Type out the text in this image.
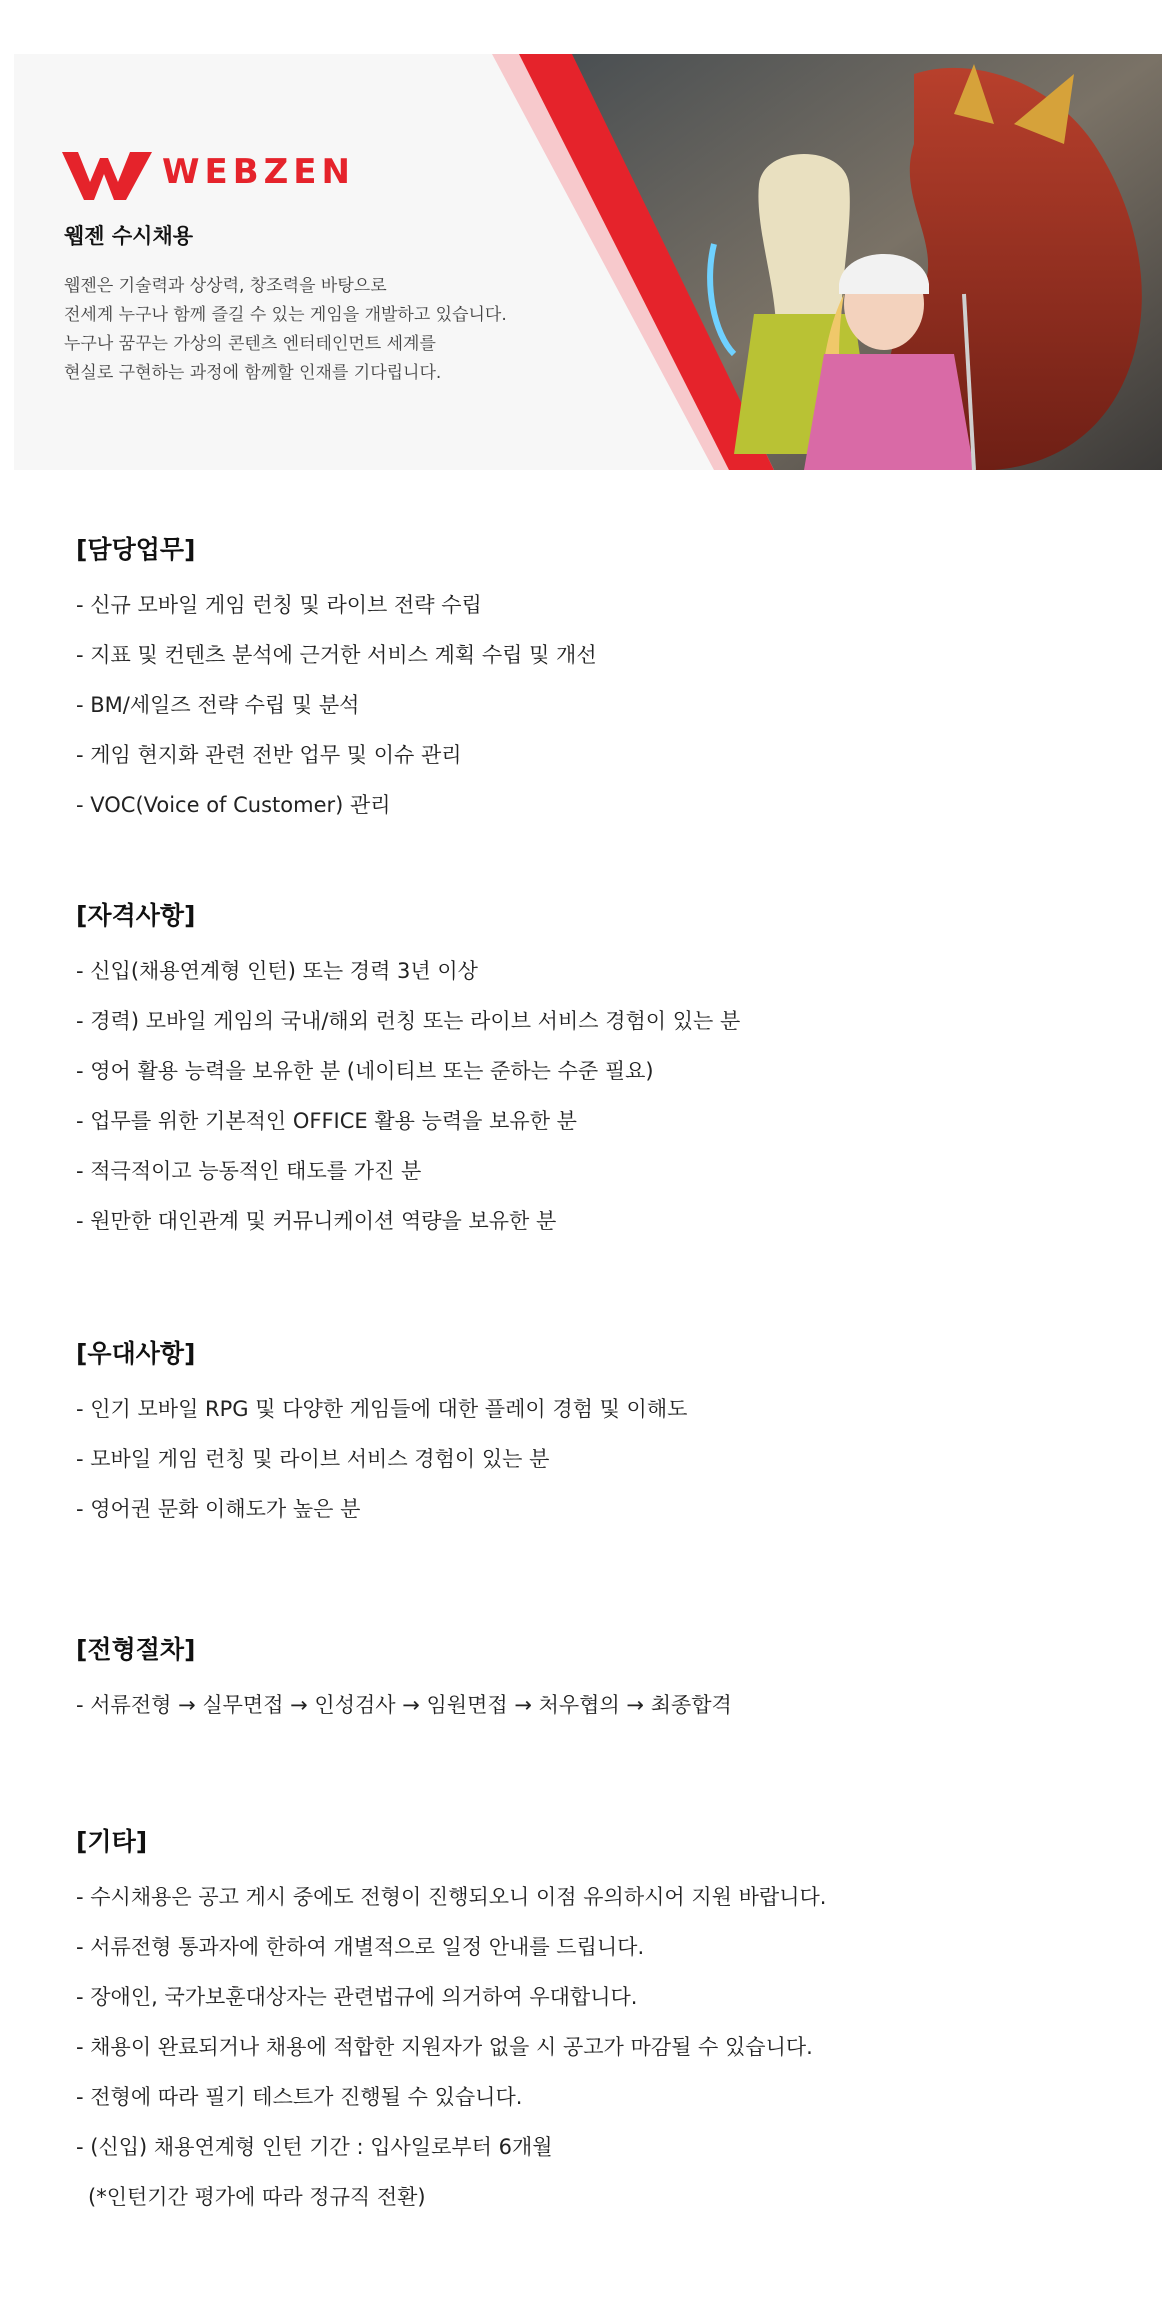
WEBZEN
웹젠 수시채용
웹젠은 기술력과 상상력, 창조력을 바탕으로
전세계 누구나 함께 즐길 수 있는 게임을 개발하고 있습니다.
누구나 꿈꾸는 가상의 콘텐츠 엔터테인먼트 세계를
현실로 구현하는 과정에 함께할 인재를 기다립니다.
[담당업무]
- 신규 모바일 게임 런칭 및 라이브 전략 수립
- 지표 및 컨텐츠 분석에 근거한 서비스 계획 수립 및 개선
- BM/세일즈 전략 수립 및 분석
- 게임 현지화 관련 전반 업무 및 이슈 관리
- VOC(Voice of Customer) 관리
[자격사항]
- 신입(채용연계형 인턴) 또는 경력 3년 이상
- 경력) 모바일 게임의 국내/해외 런칭 또는 라이브 서비스 경험이 있는 분
- 영어 활용 능력을 보유한 분 (네이티브 또는 준하는 수준 필요)
- 업무를 위한 기본적인 OFFICE 활용 능력을 보유한 분
- 적극적이고 능동적인 태도를 가진 분
- 원만한 대인관계 및 커뮤니케이션 역량을 보유한 분
[우대사항]
- 인기 모바일 RPG 및 다양한 게임들에 대한 플레이 경험 및 이해도
- 모바일 게임 런칭 및 라이브 서비스 경험이 있는 분
- 영어권 문화 이해도가 높은 분
[전형절차]
- 서류전형 → 실무면접 → 인성검사 → 임원면접 → 처우협의 → 최종합격
[기타]
- 수시채용은 공고 게시 중에도 전형이 진행되오니 이점 유의하시어 지원 바랍니다.
- 서류전형 통과자에 한하여 개별적으로 일정 안내를 드립니다.
- 장애인, 국가보훈대상자는 관련법규에 의거하여 우대합니다.
- 채용이 완료되거나 채용에 적합한 지원자가 없을 시 공고가 마감될 수 있습니다.
- 전형에 따라 필기 테스트가 진행될 수 있습니다.
- (신입) 채용연계형 인턴 기간 : 입사일로부터 6개월
(*인턴기간 평가에 따라 정규직 전환)
